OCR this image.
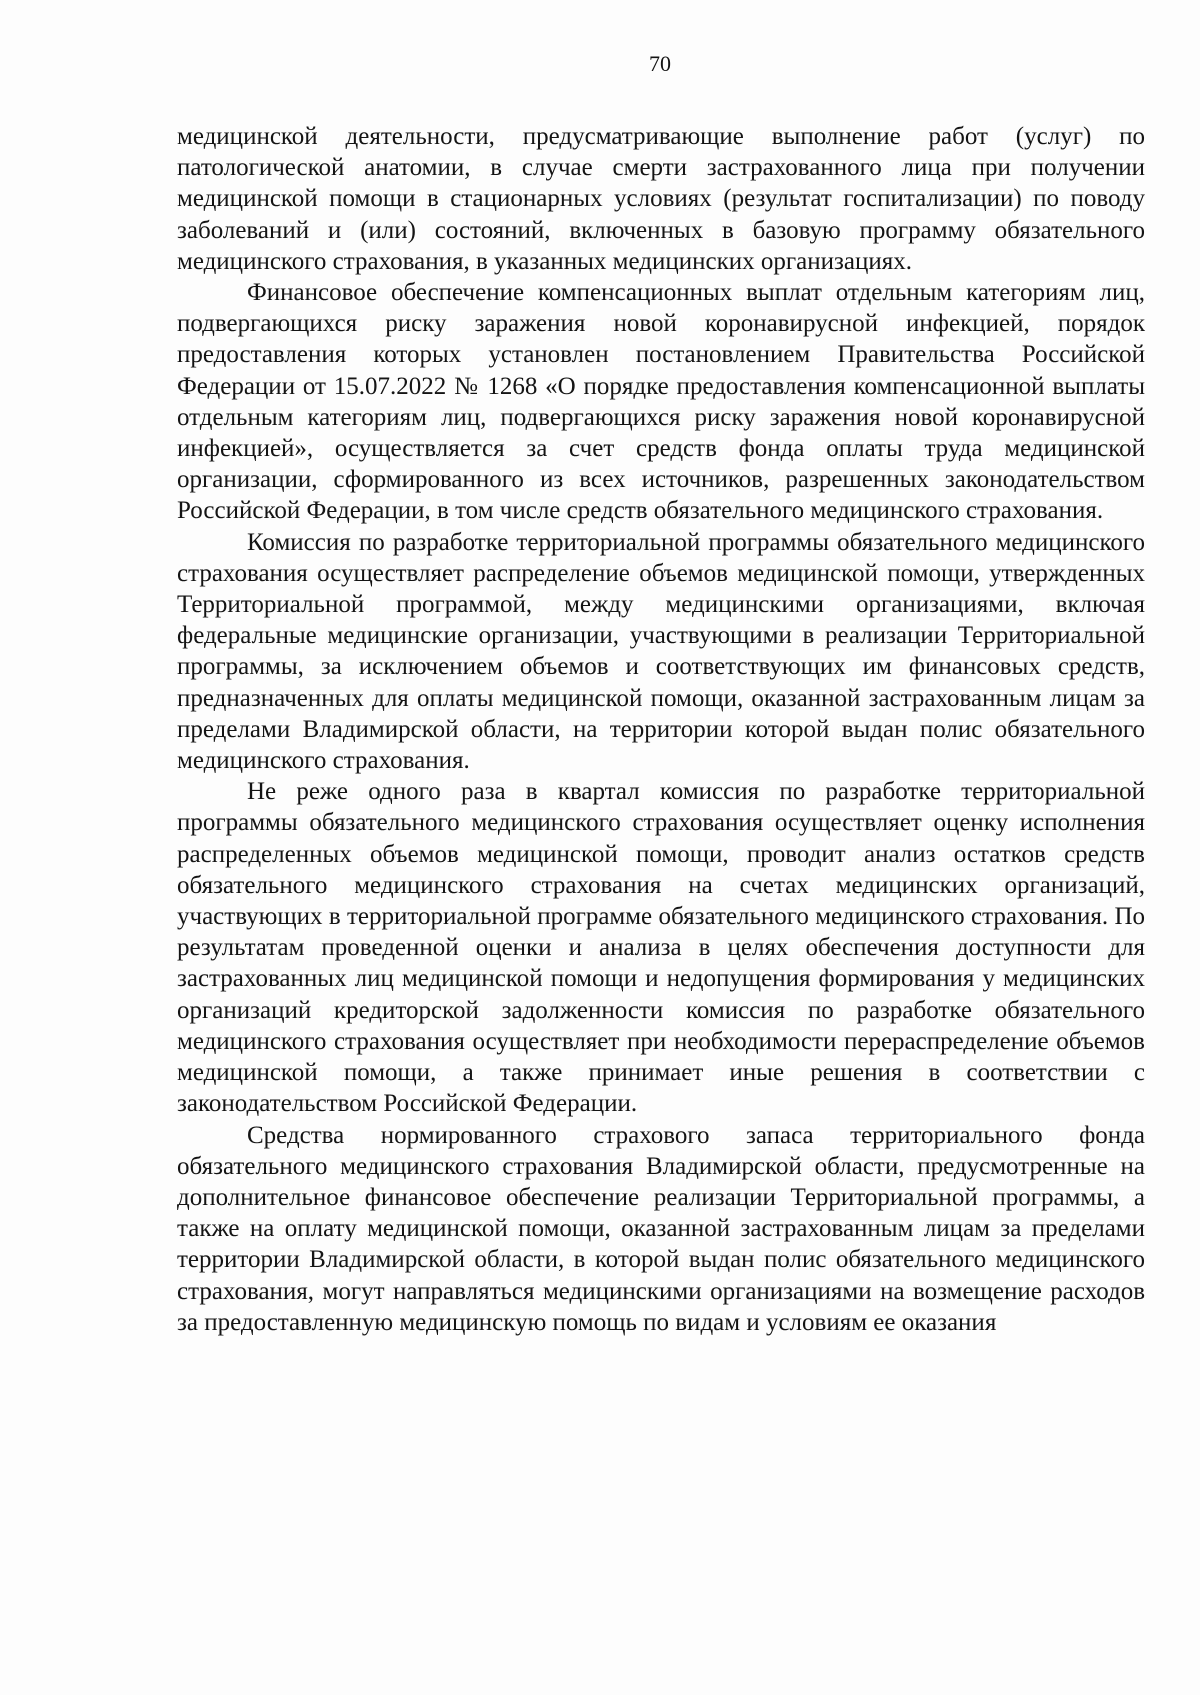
70

медицинской деятельности, предусматривающие выполнение работ (услуг) по патологической анатомии, в случае смерти застрахованного лица при получении медицинской помощи в стационарных условиях (результат госпитализации) по поводу заболеваний и (или) состояний, включенных в базовую программу обязательного медицинского страхования, в указанных медицинских организациях.

Финансовое обеспечение компенсационных выплат отдельным категориям лиц, подвергающихся риску заражения новой коронавирусной инфекцией, порядок предоставления которых установлен постановлением Правительства Российской Федерации от 15.07.2022 № 1268 «О порядке предоставления компенсационной выплаты отдельным категориям лиц, подвергающихся риску заражения новой коронавирусной инфекцией», осуществляется за счет средств фонда оплаты труда медицинской организации, сформированного из всех источников, разрешенных законодательством Российской Федерации, в том числе средств обязательного медицинского страхования.

Комиссия по разработке территориальной программы обязательного медицинского страхования осуществляет распределение объемов медицинской помощи, утвержденных Территориальной программой, между медицинскими организациями, включая федеральные медицинские организации, участвующими в реализации Территориальной программы, за исключением объемов и соответствующих им финансовых средств, предназначенных для оплаты медицинской помощи, оказанной застрахованным лицам за пределами Владимирской области, на территории которой выдан полис обязательного медицинского страхования.

Не реже одного раза в квартал комиссия по разработке территориальной программы обязательного медицинского страхования осуществляет оценку исполнения распределенных объемов медицинской помощи, проводит анализ остатков средств обязательного медицинского страхования на счетах медицинских организаций, участвующих в территориальной программе обязательного медицинского страхования. По результатам проведенной оценки и анализа в целях обеспечения доступности для застрахованных лиц медицинской помощи и недопущения формирования у медицинских организаций кредиторской задолженности комиссия по разработке обязательного медицинского страхования осуществляет при необходимости перераспределение объемов медицинской помощи, а также принимает иные решения в соответствии с законодательством Российской Федерации.

Средства нормированного страхового запаса территориального фонда обязательного медицинского страхования Владимирской области, предусмотренные на дополнительное финансовое обеспечение реализации Территориальной программы, а также на оплату медицинской помощи, оказанной застрахованным лицам за пределами территории Владимирской области, в которой выдан полис обязательного медицинского страхования, могут направляться медицинскими организациями на возмещение расходов за предоставленную медицинскую помощь по видам и условиям ее оказания
